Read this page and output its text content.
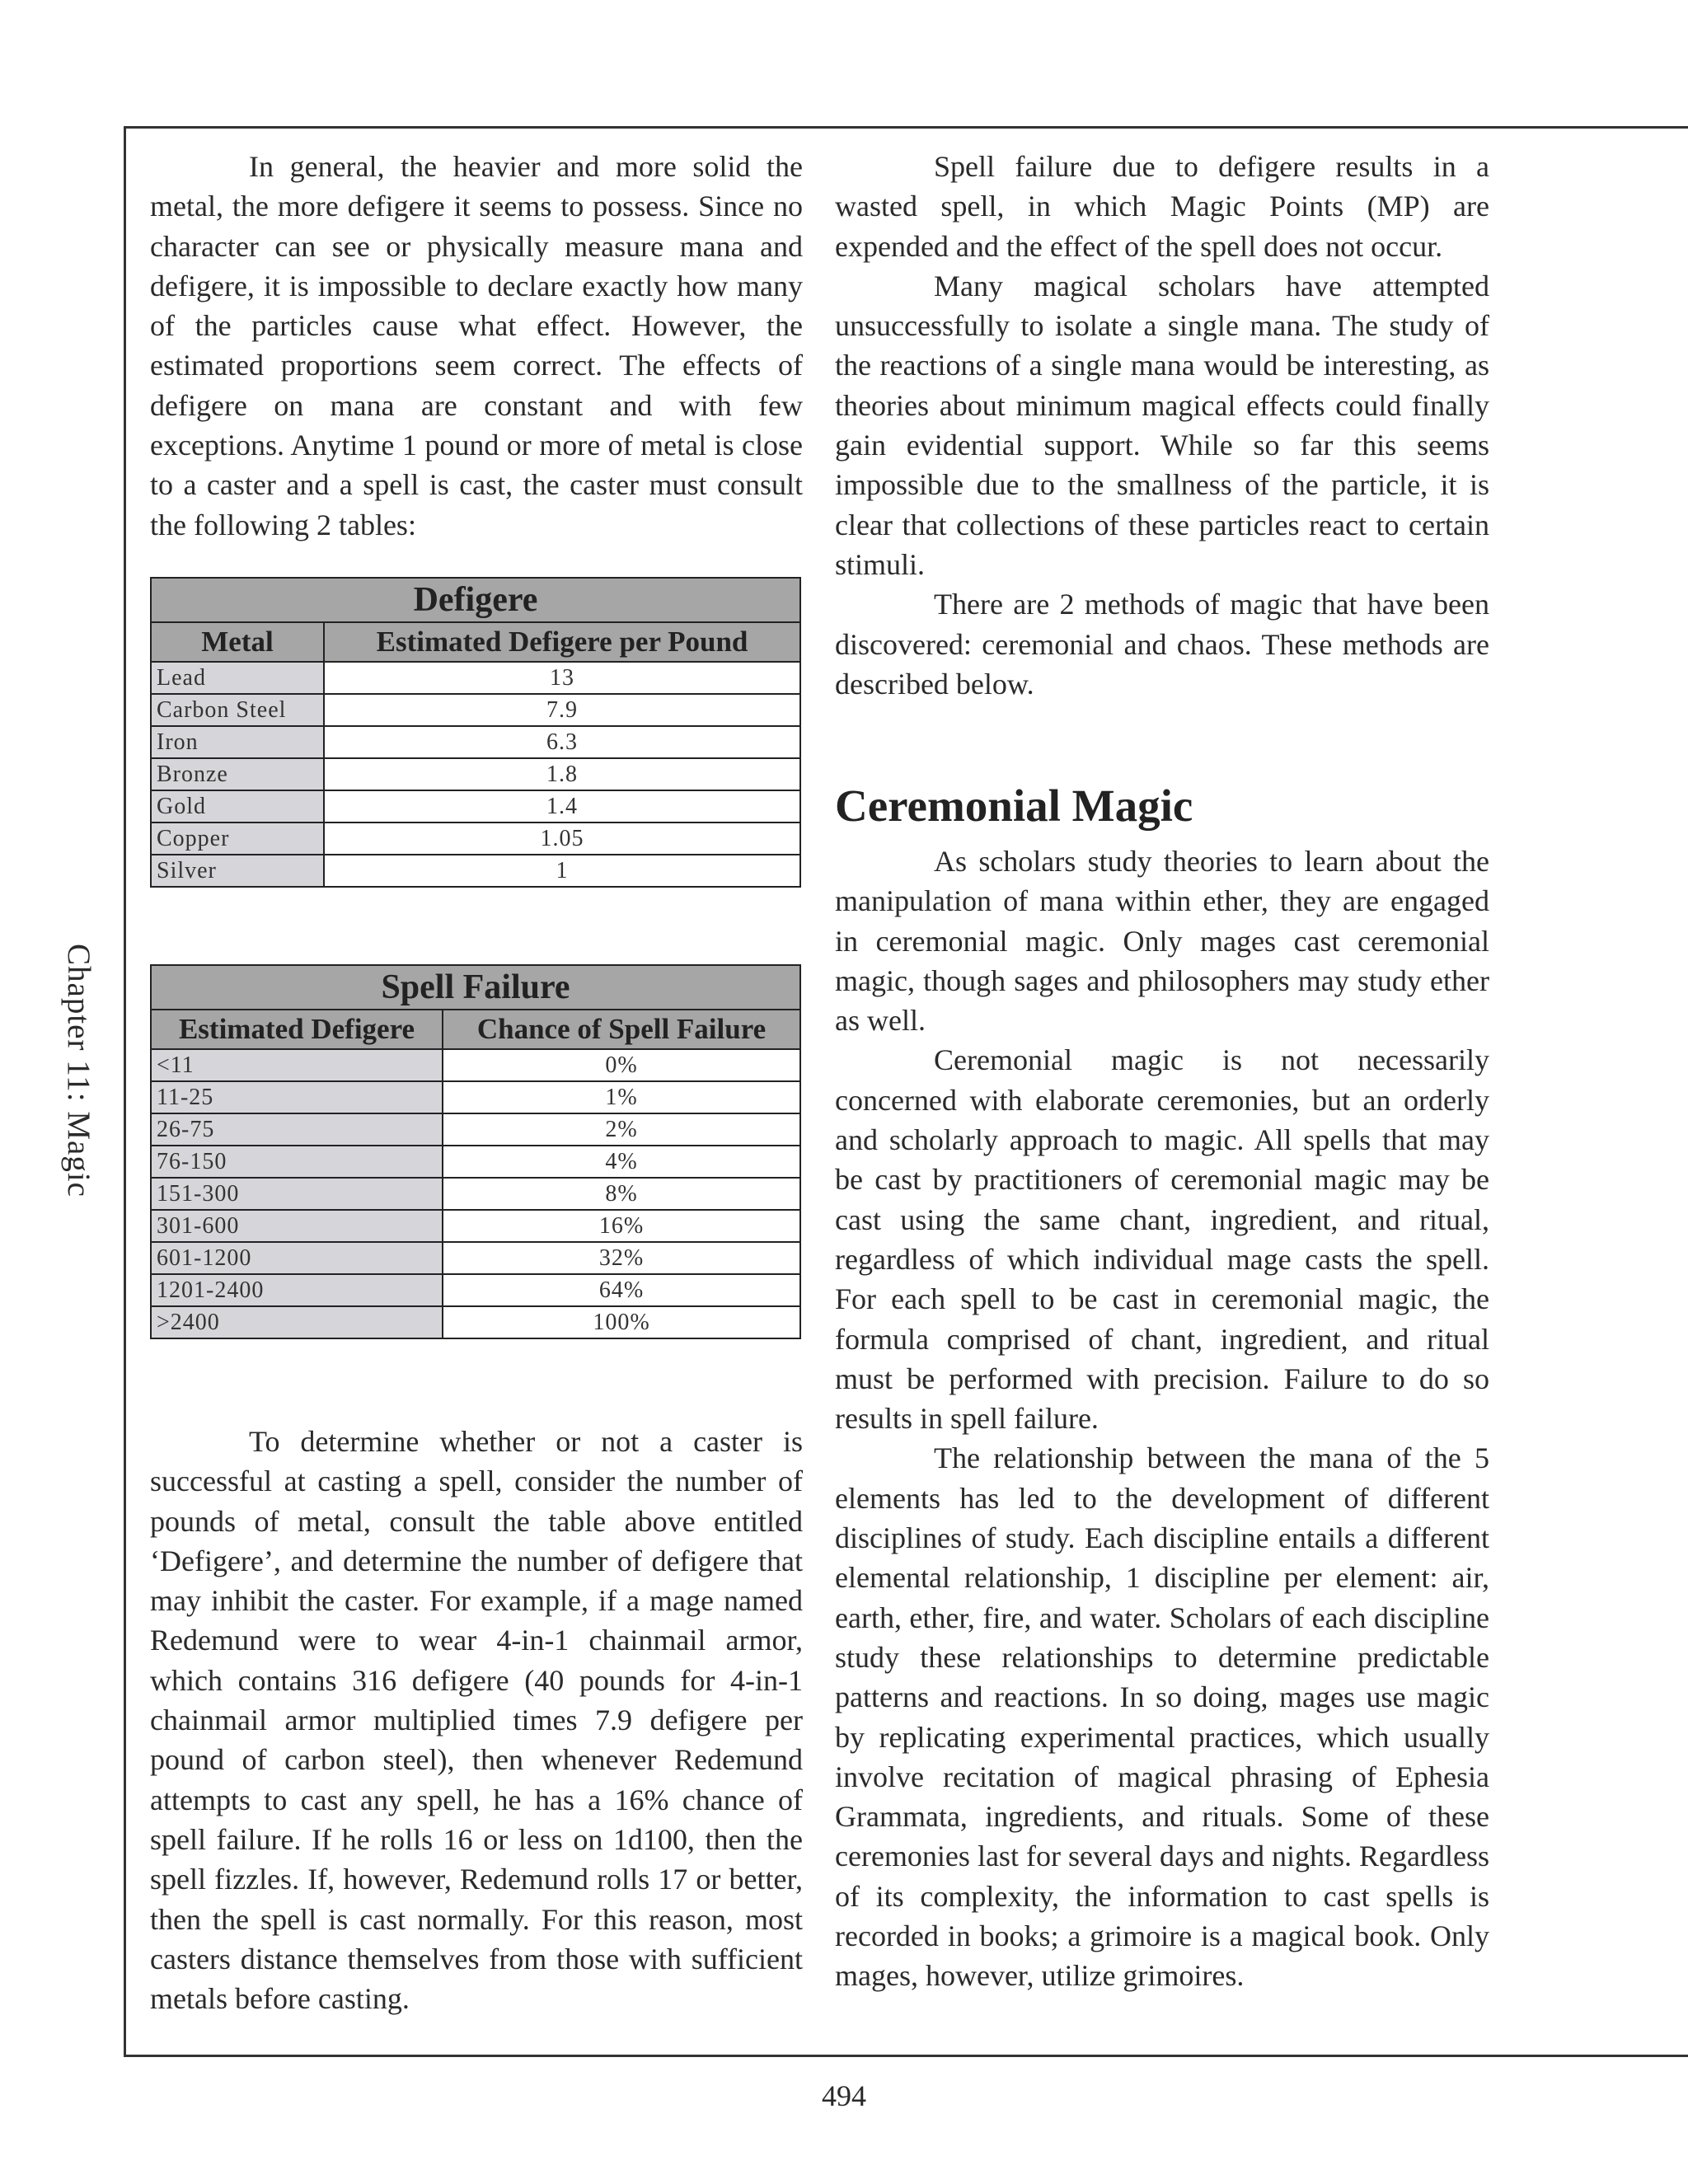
Chapter 11: Magic

In general, the heavier and more solid the metal, the more defigere it seems to possess. Since no character can see or physically measure mana and defigere, it is impossible to declare exactly how many of the particles cause what effect. However, the estimated proportions seem correct. The effects of defigere on mana are constant and with few exceptions. Anytime 1 pound or more of metal is close to a caster and a spell is cast, the caster must consult the following 2 tables:

Defigere	
Metal	Estimated Defigere per Pound
Lead	13
Carbon Steel	7.9
Iron	6.3
Bronze	1.8
Gold	1.4
Copper	1.05
Silver	1
Spell Failure	
Estimated Defigere	Chance of Spell Failure
<11	0%
11-25	1%
26-75	2%
76-150	4%
151-300	8%
301-600	16%
601-1200	32%
1201-2400	64%
>2400	100%

To determine whether or not a caster is successful at casting a spell, consider the number of pounds of metal, consult the table above entitled ‘Defigere’, and determine the number of defigere that may inhibit the caster. For example, if a mage named Redemund were to wear 4-in-1 chainmail armor, which contains 316 defigere (40 pounds for 4-in-1 chainmail armor multiplied times 7.9 defigere per pound of carbon steel), then whenever Redemund attempts to cast any spell, he has a 16% chance of spell failure. If he rolls 16 or less on 1d100, then the spell fizzles. If, however, Redemund rolls 17 or better, then the spell is cast normally. For this reason, most casters distance themselves from those with sufficient metals before casting.

Spell failure due to defigere results in a wasted spell, in which Magic Points (MP) are expended and the effect of the spell does not occur.

Many magical scholars have attempted unsuccessfully to isolate a single mana. The study of the reactions of a single mana would be interesting, as theories about minimum magical effects could finally gain evidential support. While so far this seems impossible due to the smallness of the particle, it is clear that collections of these particles react to certain stimuli.

There are 2 methods of magic that have been discovered: ceremonial and chaos. These methods are described below.

Ceremonial Magic

As scholars study theories to learn about the manipulation of mana within ether, they are engaged in ceremonial magic. Only mages cast ceremonial magic, though sages and philosophers may study ether as well.

Ceremonial magic is not necessarily concerned with elaborate ceremonies, but an orderly and scholarly approach to magic. All spells that may be cast by practitioners of ceremonial magic may be cast using the same chant, ingredient, and ritual, regardless of which individual mage casts the spell. For each spell to be cast in ceremonial magic, the formula comprised of chant, ingredient, and ritual must be performed with precision. Failure to do so results in spell failure.

The relationship between the mana of the 5 elements has led to the development of different disciplines of study. Each discipline entails a different elemental relationship, 1 discipline per element: air, earth, ether, fire, and water. Scholars of each discipline study these relationships to determine predictable patterns and reactions. In so doing, mages use magic by replicating experimental practices, which usually involve recitation of magical phrasing of Ephesia Grammata, ingredients, and rituals. Some of these ceremonies last for several days and nights. Regardless of its complexity, the information to cast spells is recorded in books; a grimoire is a magical book. Only mages, however, utilize grimoires.

494
